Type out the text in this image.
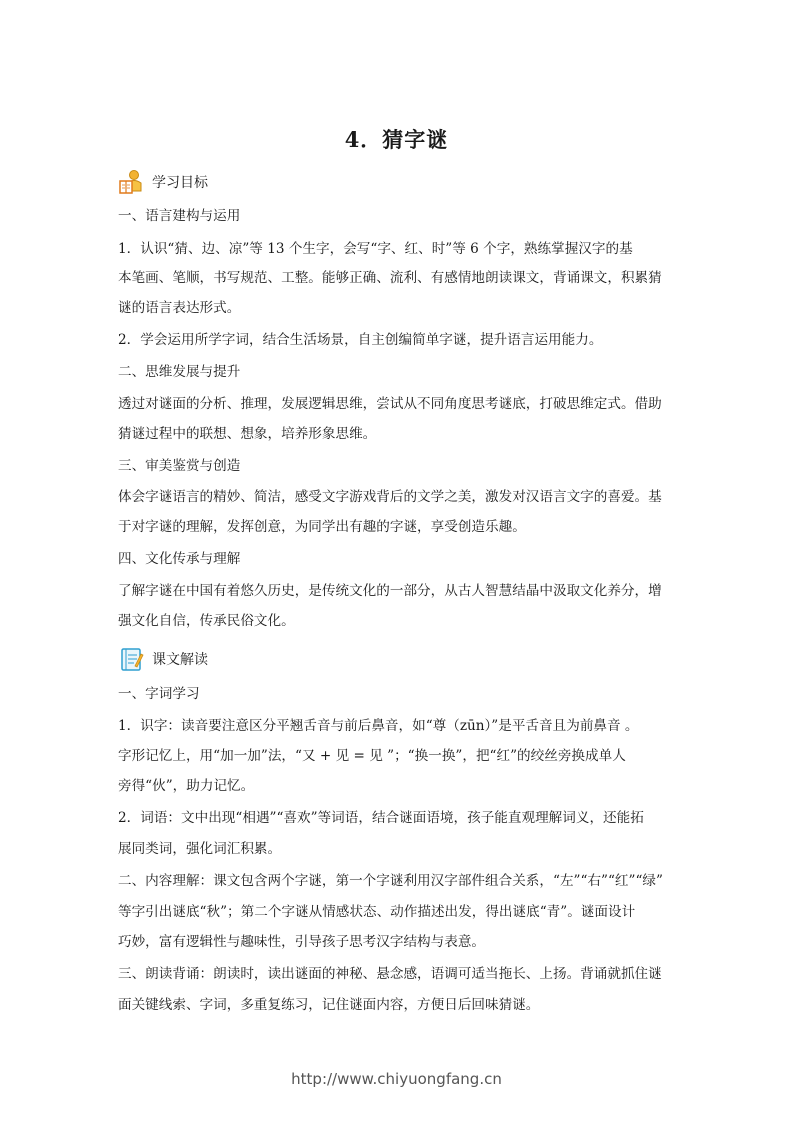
4．猜字谜
学习目标
一、语言建构与运用
1．认识“猜、边、凉”等 13 个生字，会写“字、红、时”等 6 个字，熟练掌握汉字的基
本笔画、笔顺，书写规范、工整。能够正确、流利、有感情地朗读课文，背诵课文，积累猜
谜的语言表达形式。
2．学会运用所学字词，结合生活场景，自主创编简单字谜，提升语言运用能力。
二、思维发展与提升
透过对谜面的分析、推理，发展逻辑思维，尝试从不同角度思考谜底，打破思维定式。借助
猜谜过程中的联想、想象，培养形象思维。
三、审美鉴赏与创造
体会字谜语言的精妙、简洁，感受文字游戏背后的文学之美，激发对汉语言文字的喜爱。基
于对字谜的理解，发挥创意，为同学出有趣的字谜，享受创造乐趣。
四、文化传承与理解
了解字谜在中国有着悠久历史，是传统文化的一部分，从古人智慧结晶中汲取文化养分，增
强文化自信，传承民俗文化。
课文解读
一、字词学习
1．识字：读音要注意区分平翘舌音与前后鼻音，如“尊（zūn）”是平舌音且为前鼻音 。
字形记忆上，用“加一加”法，“又 + 见 = 见 ”；“换一换”，把“红”的绞丝旁换成单人
旁得“伙”，助力记忆。
2．词语：文中出现“相遇”“喜欢”等词语，结合谜面语境，孩子能直观理解词义，还能拓
展同类词，强化词汇积累。
二、内容理解：课文包含两个字谜，第一个字谜利用汉字部件组合关系，“左”“右”“红”“绿”
等字引出谜底“秋”；第二个字谜从情感状态、动作描述出发，得出谜底“青”。谜面设计
巧妙，富有逻辑性与趣味性，引导孩子思考汉字结构与表意。
三、朗读背诵：朗读时，读出谜面的神秘、悬念感，语调可适当拖长、上扬。背诵就抓住谜
面关键线索、字词，多重复练习，记住谜面内容，方便日后回味猜谜。
http://www.chiyuongfang.cn
